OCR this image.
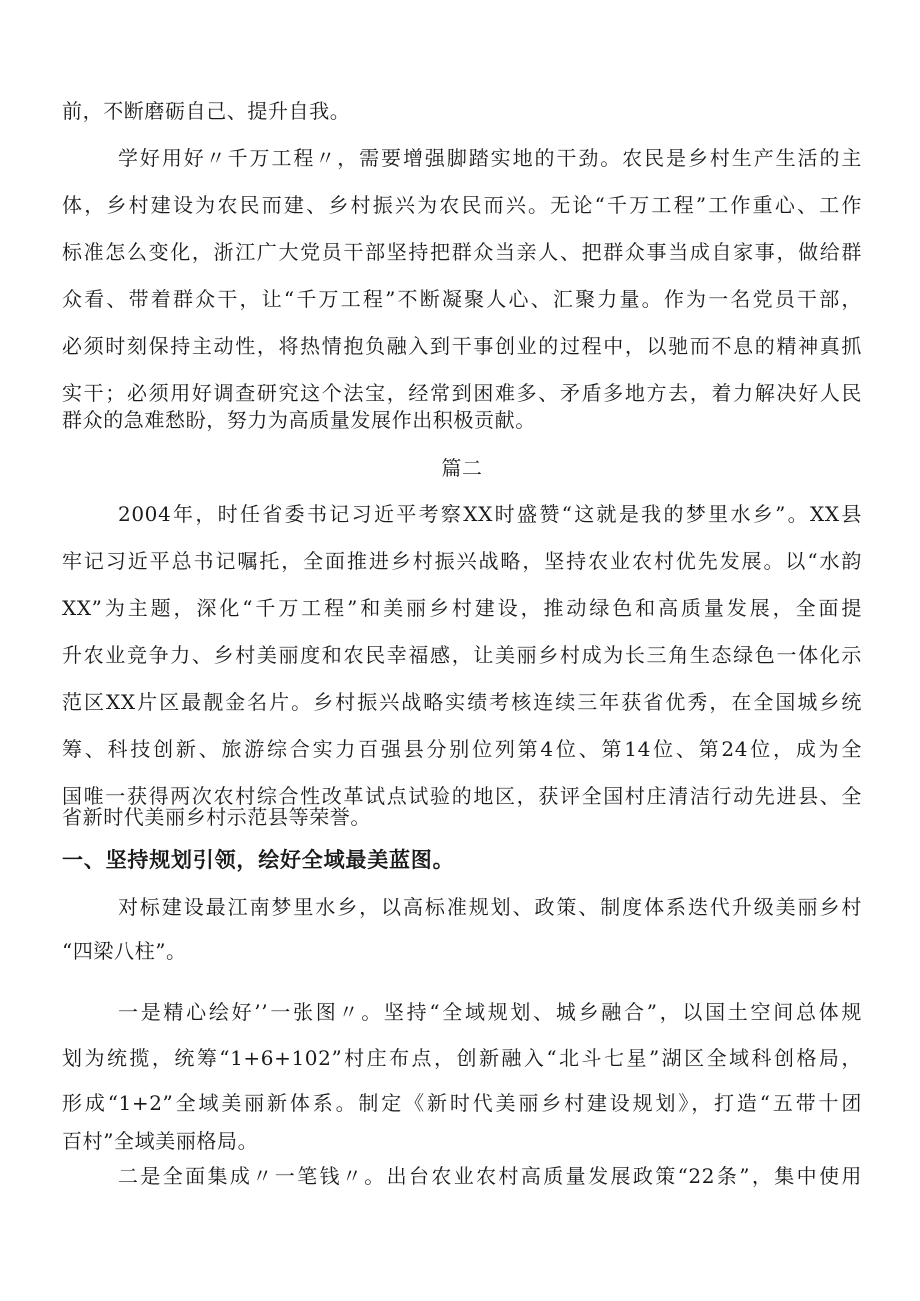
前，不断磨砺自己、提升自我。
学好用好〃千万工程〃，需要增强脚踏实地的干劲。农民是乡村生产生活的主
体，乡村建设为农民而建、乡村振兴为农民而兴。无论“千万工程”工作重心、工作
标准怎么变化，浙江广大党员干部坚持把群众当亲人、把群众事当成自家事，做给群
众看、带着群众干，让“千万工程”不断凝聚人心、汇聚力量。作为一名党员干部，
必须时刻保持主动性，将热情抱负融入到干事创业的过程中，以驰而不息的精神真抓
实干；必须用好调查研究这个法宝，经常到困难多、矛盾多地方去，着力解决好人民
群众的急难愁盼，努力为高质量发展作出积极贡献。
篇二
2004年，时任省委书记习近平考察XX时盛赞“这就是我的梦里水乡”。XX县
牢记习近平总书记嘱托，全面推进乡村振兴战略，坚持农业农村优先发展。以“水韵
XX”为主题，深化“千万工程”和美丽乡村建设，推动绿色和高质量发展，全面提
升农业竞争力、乡村美丽度和农民幸福感，让美丽乡村成为长三角生态绿色一体化示
范区XX片区最靓金名片。乡村振兴战略实绩考核连续三年获省优秀，在全国城乡统
筹、科技创新、旅游综合实力百强县分别位列第4位、第14位、第24位，成为全
国唯一获得两次农村综合性改革试点试验的地区，获评全国村庄清洁行动先进县、全
省新时代美丽乡村示范县等荣誉。
一、坚持规划引领，绘好全域最美蓝图。
对标建设最江南梦里水乡，以高标准规划、政策、制度体系迭代升级美丽乡村
“四梁八柱”。
一是精心绘好’’一张图〃。坚持“全域规划、城乡融合”，以国土空间总体规
划为统揽，统筹“1+6+102”村庄布点，创新融入“北斗七星”湖区全域科创格局，
形成“1+2”全域美丽新体系。制定《新时代美丽乡村建设规划》，打造“五带十团
百村”全域美丽格局。
二是全面集成〃一笔钱〃。出台农业农村高质量发展政策“22条”，集中使用
